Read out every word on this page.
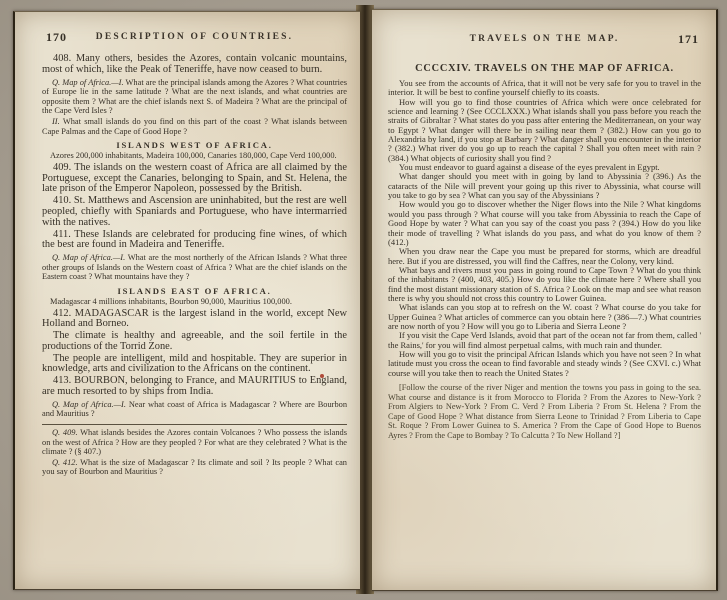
170	DESCRIPTION OF COUNTRIES.

408. Many others, besides the Azores, contain volcanic mountains, most of which, like the Peak of Teneriffe, have now ceased to burn.

Q. Map of Africa.—I. What are the principal islands among the Azores ? What countries of Europe lie in the same latitude ? What are the next islands, and what countries are opposite them ? What are the chief islands next S. of Madeira ? What are the principal of the Cape Verd Isles ?

II. What small islands do you find on this part of the coast ? What islands between Cape Palmas and the Cape of Good Hope ?

ISLANDS WEST OF AFRICA.

Azores 200,000 inhabitants, Madeira 100,000, Canaries 180,000, Cape Verd 100,000.

409. The islands on the western coast of Africa are all claimed by the Portuguese, except the Canaries, belonging to Spain, and St. Helena, the late prison of the Emperor Napoleon, possessed by the British.

410. St. Matthews and Ascension are uninhabited, but the rest are well peopled, chiefly with Spaniards and Portuguese, who have intermarried with the natives.

411. These Islands are celebrated for producing fine wines, of which the best are found in Madeira and Teneriffe.

Q. Map of Africa.—I. What are the most northerly of the African Islands ? What three other groups of Islands on the Western coast of Africa ? What are the chief islands on the Eastern coast ? What mountains have they ?

ISLANDS EAST OF AFRICA.

Madagascar 4 millions inhabitants, Bourbon 90,000, Mauritius 100,000.

412. MADAGASCAR is the largest island in the world, except New Holland and Borneo.

The climate is healthy and agreeable, and the soil fertile in the productions of the Torrid Zone.

The people are intelligent, mild and hospitable. They are superior in knowledge, arts and civilization to the Africans on the continent.

413. BOURBON, belonging to France, and MAURITIUS to England, are much resorted to by ships from India.

Q. Map of Africa.—I. Near what coast of Africa is Madagascar ? Where are Bourbon and Mauritius ?

Q. 409. What islands besides the Azores contain Volcanoes ? Who possess the islands on the west of Africa ? How are they peopled ? For what are they celebrated ? What is the climate ? (§ 407.)

Q. 412. What is the size of Madagascar ? Its climate and soil ? Its people ? What can you say of Bourbon and Mauritius ?

TRAVELS ON THE MAP.	171
CCCCXIV. TRAVELS ON THE MAP OF AFRICA.

You see from the accounts of Africa, that it will not be very safe for you to travel in the interior. It will be best to confine yourself chiefly to its coasts.

How will you go to find those countries of Africa which were once celebrated for science and learning ? (See CCCLXXX.) What islands shall you pass before you reach the straits of Gibraltar ? What states do you pass after entering the Mediterranean, on your way to Egypt ? What danger will there be in sailing near them ? (382.) How can you go to Alexandria by land, if you stop at Barbary ? What danger shall you encounter in the interior ? (382.) What river do you go up to reach the capital ? Shall you often meet with rain ? (384.) What objects of curiosity shall you find ?

You must endeavor to guard against a disease of the eyes prevalent in Egypt.

What danger should you meet with in going by land to Abyssinia ? (396.) As the cataracts of the Nile will prevent your going up this river to Abyssinia, what course will you take to go by sea ? What can you say of the Abyssinians ?

How would you go to discover whether the Niger flows into the Nile ? What kingdoms would you pass through ? What course will you take from Abyssinia to reach the Cape of Good Hope by water ? What can you say of the coast you pass ? (394.) How do you like their mode of travelling ? What islands do you pass, and what do you know of them ? (412.)

When you draw near the Cape you must be prepared for storms, which are dreadful here. But if you are distressed, you will find the Caffres, near the Colony, very kind.

What bays and rivers must you pass in going round to Cape Town ? What do you think of the inhabitants ? (400, 403, 405.) How do you like the climate here ? Where shall you find the most distant missionary station of S. Africa ? Look on the map and see what reason there is why you should not cross this country to Lower Guinea.

What islands can you stop at to refresh on the W. coast ? What course do you take for Upper Guinea ? What articles of commerce can you obtain here ? (386—7.) What countries are now north of you ? How will you go to Liberia and Sierra Leone ?

If you visit the Cape Verd Islands, avoid that part of the ocean not far from them, called ' the Rains,' for you will find almost perpetual calms, with much rain and thunder.

How will you go to visit the principal African Islands which you have not seen ? In what latitude must you cross the ocean to find favorable and steady winds ? (See CXVI. c.) What course will you take then to reach the United States ?

[Follow the course of the river Niger and mention the towns you pass in going to the sea. What course and distance is it from Morocco to Florida ? From the Azores to New-York ? From Algiers to New-York ? From C. Verd ? From Liberia ? From St. Helena ? From the Cape of Good Hope ? What distance from Sierra Leone to Trinidad ? From Liberia to Cape St. Roque ? From Lower Guinea to S. America ? From the Cape of Good Hope to Buenos Ayres ? From the Cape to Bombay ? To Calcutta ? To New Holland ?]
